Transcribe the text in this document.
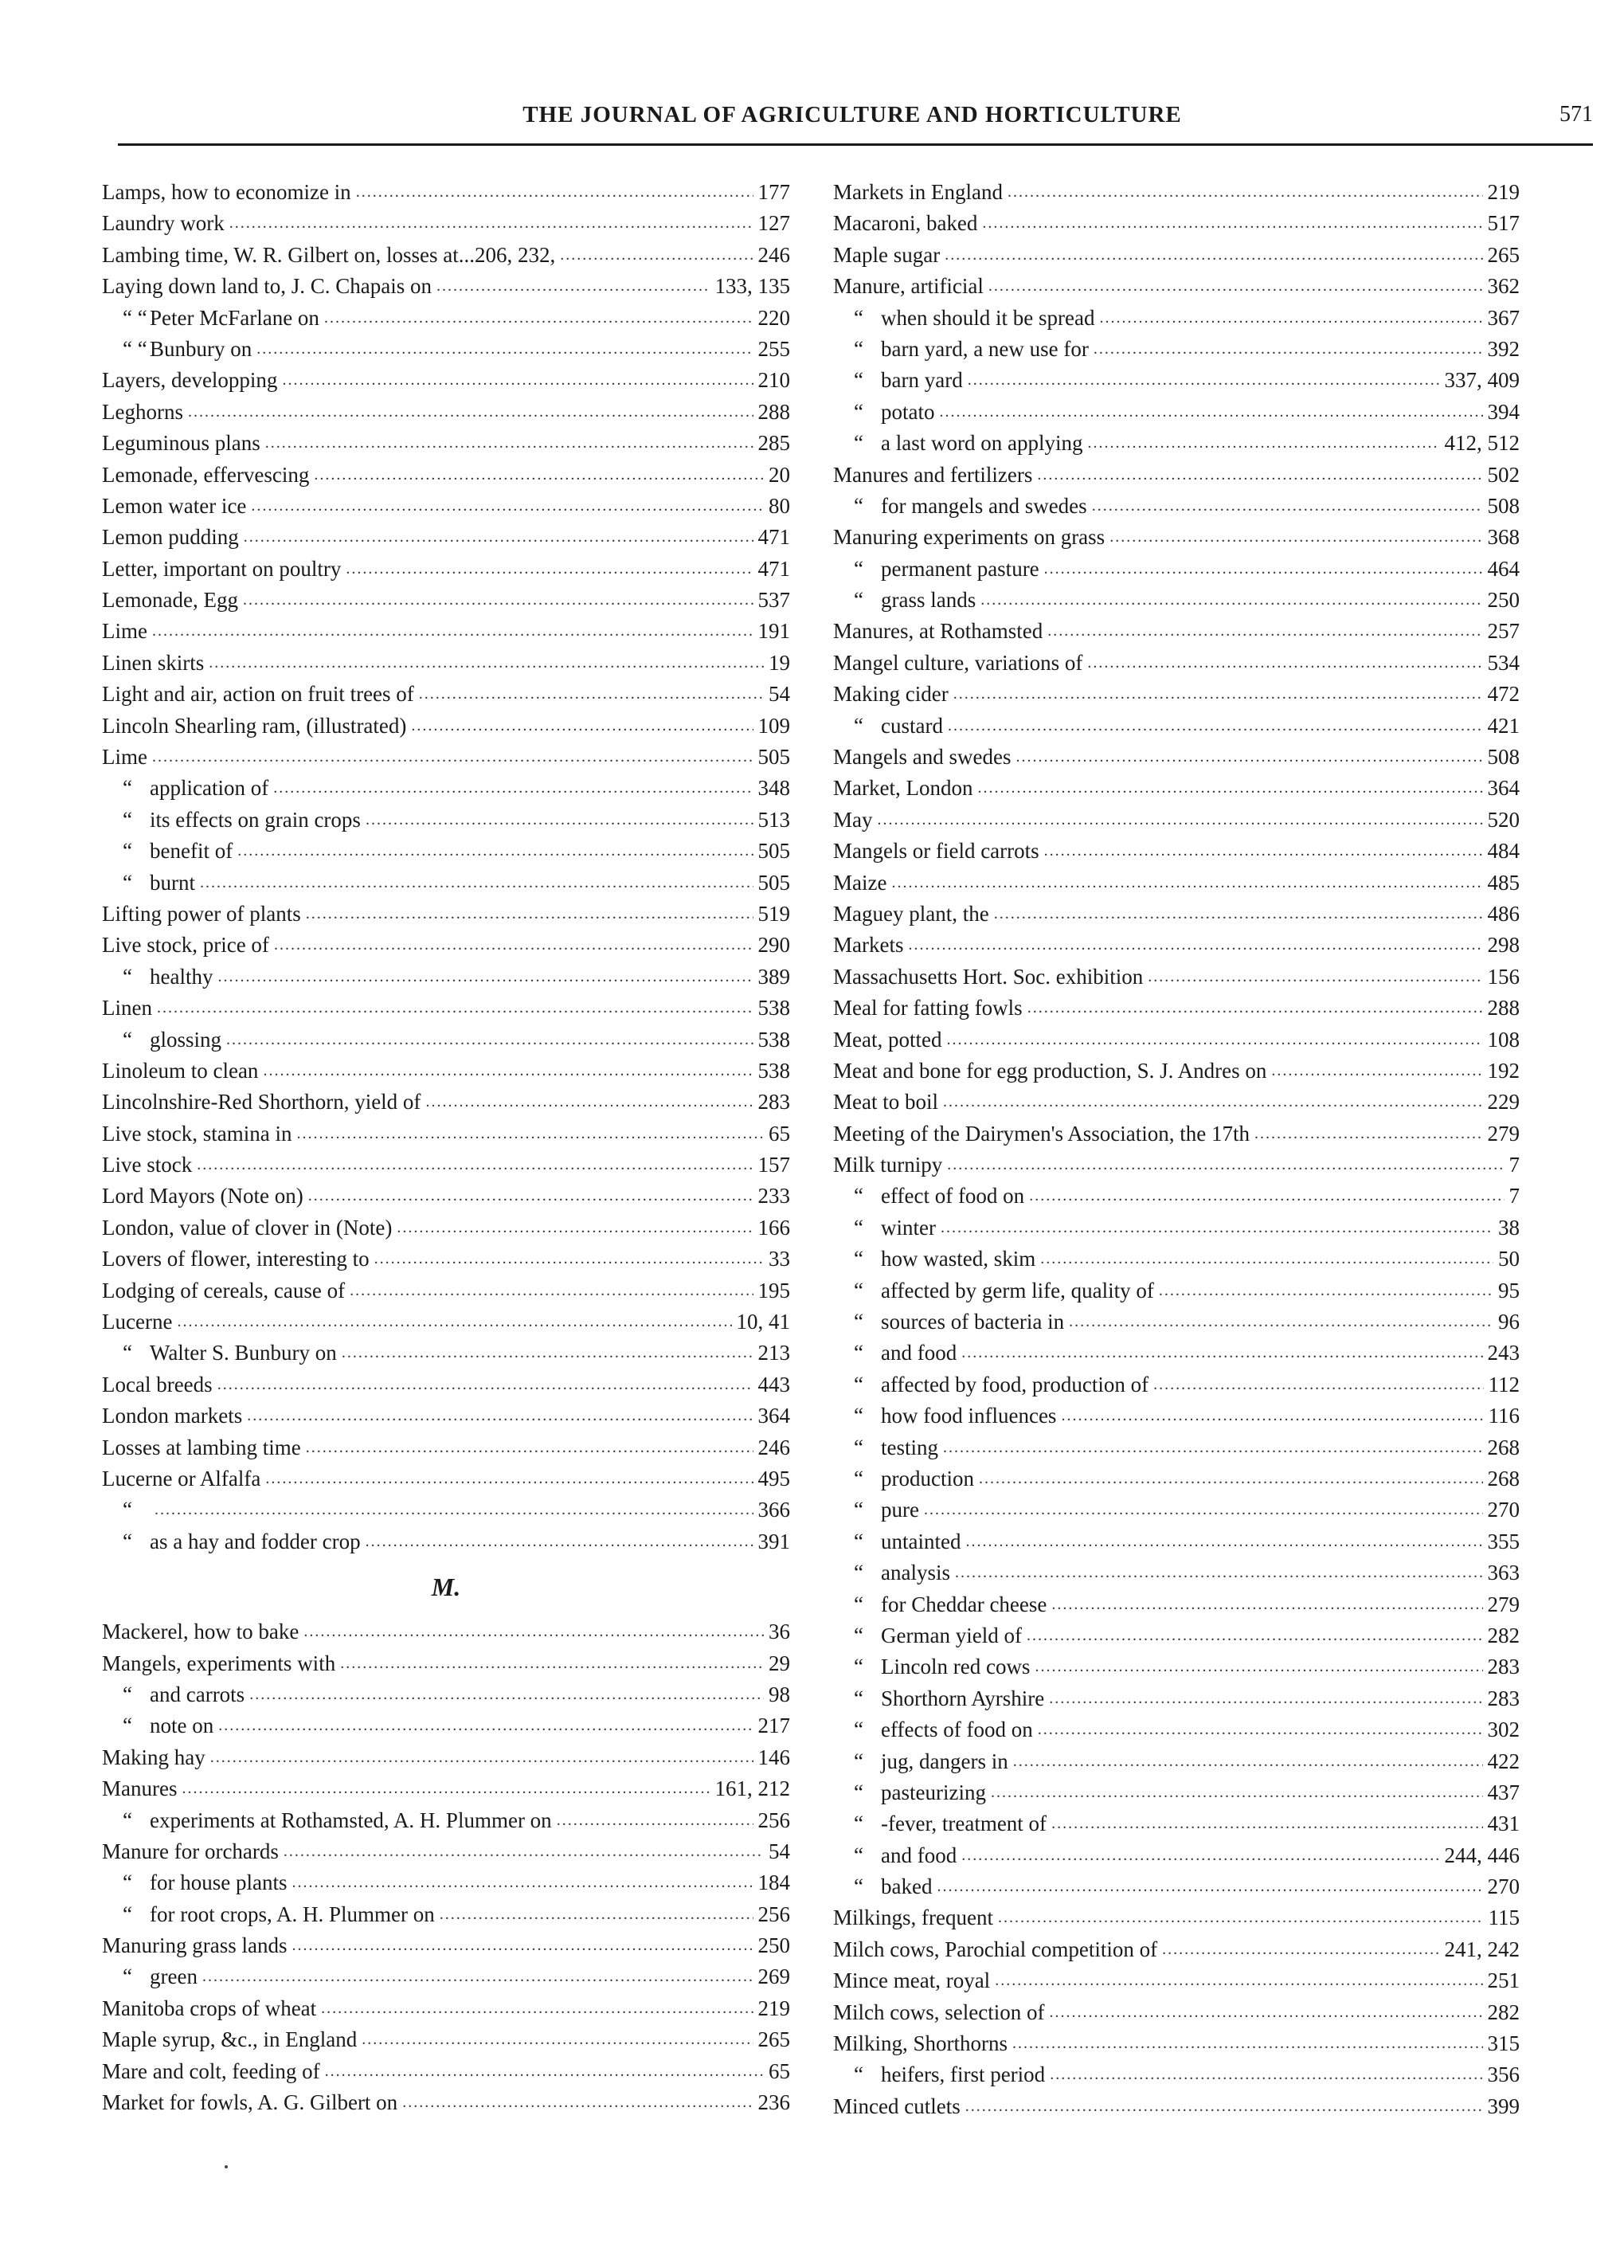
THE JOURNAL OF AGRICULTURE AND HORTICULTURE	571
Lamps, how to economize in .....	177
Laundry work .....	127
Lambing time, W. R. Gilbert on, losses at...206, 232, .....	246
Laying down land to, J. C. Chapais on .....	133, 135
“ “ Peter McFarlane on .....	220
“ “ Bunbury on .....	255
Layers, developping .....	210
Leghorns .....	288
Leguminous plans .....	285
Lemonade, effervescing .....	20
Lemon water ice .....	80
Lemon pudding .....	471
Letter, important on poultry .....	471
Lemonade, Egg .....	537
Lime .....	191
Linen skirts .....	19
Light and air, action on fruit trees of .....	54
Lincoln Shearling ram, (illustrated) .....	109
Lime .....	505
“ application of .....	348
“ its effects on grain crops .....	513
“ benefit of .....	505
“ burnt .....	505
Lifting power of plants .....	519
Live stock, price of .....	290
“ healthy .....	389
Linen .....	538
“ glossing .....	538
Linoleum to clean .....	538
Lincolnshire-Red Shorthorn, yield of .....	283
Live stock, stamina in .....	65
Live stock .....	157
Lord Mayors (Note on) .....	233
London, value of clover in (Note) .....	166
Lovers of flower, interesting to .....	33
Lodging of cereals, cause of .....	195
Lucerne .....	10, 41
“ Walter S. Bunbury on .....	213
Local breeds .....	443
London markets .....	364
Losses at lambing time .....	246
Lucerne or Alfalfa .....	495
“ .....	366
“ as a hay and fodder crop .....	391
M.
Mackerel, how to bake .....	36
Mangels, experiments with .....	29
“ and carrots .....	98
“ note on .....	217
Making hay .....	146
Manures .....	161, 212
“ experiments at Rothamsted, A. H. Plummer on .....	256
Manure for orchards .....	54
“ for house plants .....	184
“ for root crops, A. H. Plummer on .....	256
Manuring grass lands .....	250
“ green .....	269
Manitoba crops of wheat .....	219
Maple syrup, &c., in England .....	265
Mare and colt, feeding of .....	65
Market for fowls, A. G. Gilbert on .....	236
Markets in England .....	219
Macaroni, baked .....	517
Maple sugar .....	265
Manure, artificial .....	362
“ when should it be spread .....	367
“ barn yard, a new use for .....	392
“ barn yard .....	337, 409
“ potato .....	394
“ a last word on applying .....	412, 512
Manures and fertilizers .....	502
“ for mangels and swedes .....	508
Manuring experiments on grass .....	368
“ permanent pasture .....	464
“ grass lands .....	250
Manures, at Rothamsted .....	257
Mangel culture, variations of .....	534
Making cider .....	472
“ custard .....	421
Mangels and swedes .....	508
Market, London .....	364
May .....	520
Mangels or field carrots .....	484
Maize .....	485
Maguey plant, the .....	486
Markets .....	298
Massachusetts Hort. Soc. exhibition .....	156
Meal for fatting fowls .....	288
Meat, potted .....	108
Meat and bone for egg production, S. J. Andres on .....	192
Meat to boil .....	229
Meeting of the Dairymen's Association, the 17th .....	279
Milk turnipy .....	7
“ effect of food on .....	7
“ winter .....	38
“ how wasted, skim .....	50
“ affected by germ life, quality of .....	95
“ sources of bacteria in .....	96
“ and food .....	243
“ affected by food, production of .....	112
“ how food influences .....	116
“ testing .....	268
“ production .....	268
“ pure .....	270
“ untainted .....	355
“ analysis .....	363
“ for Cheddar cheese .....	279
“ German yield of .....	282
“ Lincoln red cows .....	283
“ Shorthorn Ayrshire .....	283
“ effects of food on .....	302
“ jug, dangers in .....	422
“ pasteurizing .....	437
“ -fever, treatment of .....	431
“ and food .....	244, 446
“ baked .....	270
Milkings, frequent .....	115
Milch cows, Parochial competition of .....	241, 242
Mince meat, royal .....	251
Milch cows, selection of .....	282
Milking, Shorthorns .....	315
“ heifers, first period .....	356
Minced cutlets .....	399
